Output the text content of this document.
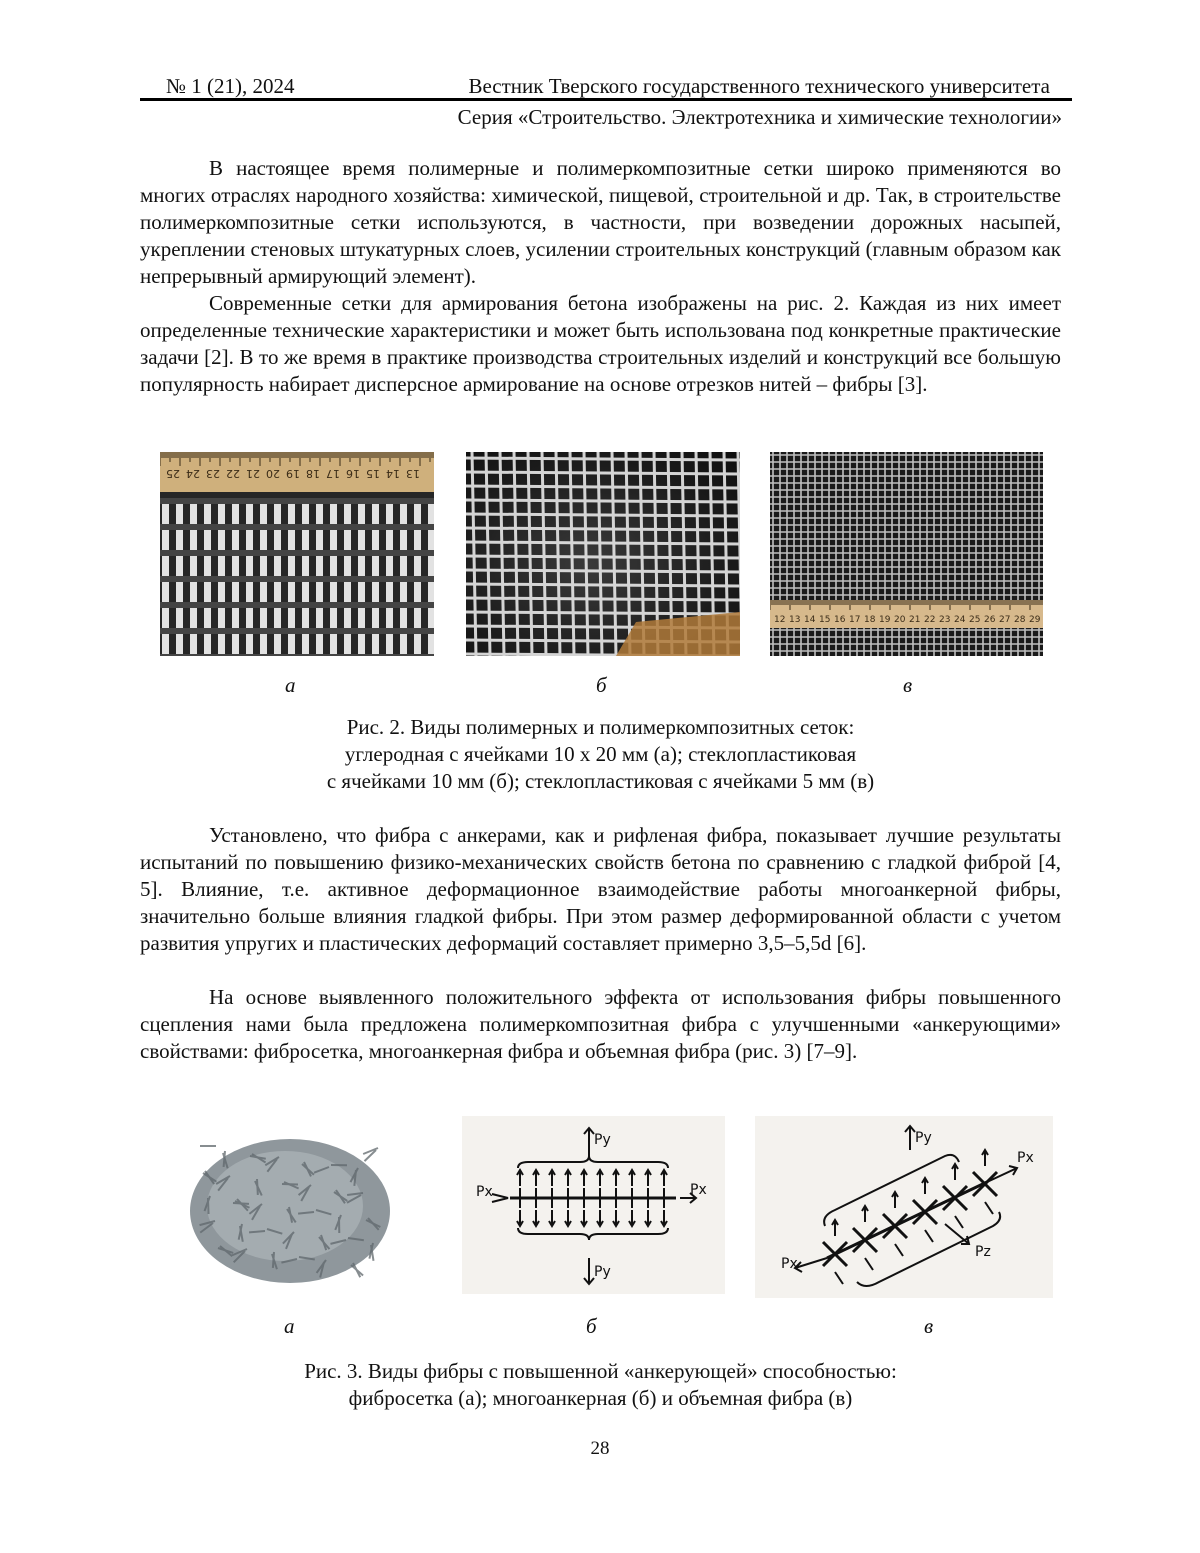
№ 1 (21), 2024	Вестник Тверского государственного технического университета
Серия «Строительство. Электротехника и химические технологии»

В настоящее время полимерные и полимеркомпозитные сетки широко применяются во многих отраслях народного хозяйства: химической, пищевой, строительной и др. Так, в строительстве полимеркомпозитные сетки используются, в частности, при возведении дорожных насыпей, укреплении стеновых штукатурных слоев, усилении строительных конструкций (главным образом как непрерывный армирующий элемент).

Современные сетки для армирования бетона изображены на рис. 2. Каждая из них имеет определенные технические характеристики и может быть использована под конкретные практические задачи [2]. В то же время в практике производства строительных изделий и конструкций все большую популярность набирает дисперсное армирование на основе отрезков нитей – фибры [3].

25 24 23 22 21 20 19 18 17 16 15 14 13
12 13 14 15 16 17 18 19 20 21 22 23 24 25 26 27 28 29
а	б	в
Рис. 2. Виды полимерных и полимеркомпозитных сеток:
углеродная с ячейками 10 х 20 мм (а); стеклопластиковая
с ячейками 10 мм (б); стеклопластиковая с ячейками 5 мм (в)

Установлено, что фибра с анкерами, как и рифленая фибра, показывает лучшие результаты испытаний по повышению физико-механических свойств бетона по сравнению с гладкой фиброй [4, 5]. Влияние, т.е. активное деформационное взаимодействие работы многоанкерной фибры, значительно больше влияния гладкой фибры. При этом размер деформированной области с учетом развития упругих и пластических деформаций составляет примерно 3,5–5,5d [6].

На основе выявленного положительного эффекта от использования фибры повышенного сцепления нами была предложена полимеркомпозитная фибра с улучшенными «анкерующими» свойствами: фибросетка, многоанкерная фибра и объемная фибра (рис. 3) [7–9].

Py
Py
Px	Px
Py
Px
Px
Pz
а	б	в
Рис. 3. Виды фибры с повышенной «анкерующей» способностью:
фибросетка (а); многоанкерная (б) и объемная фибра (в)
28
